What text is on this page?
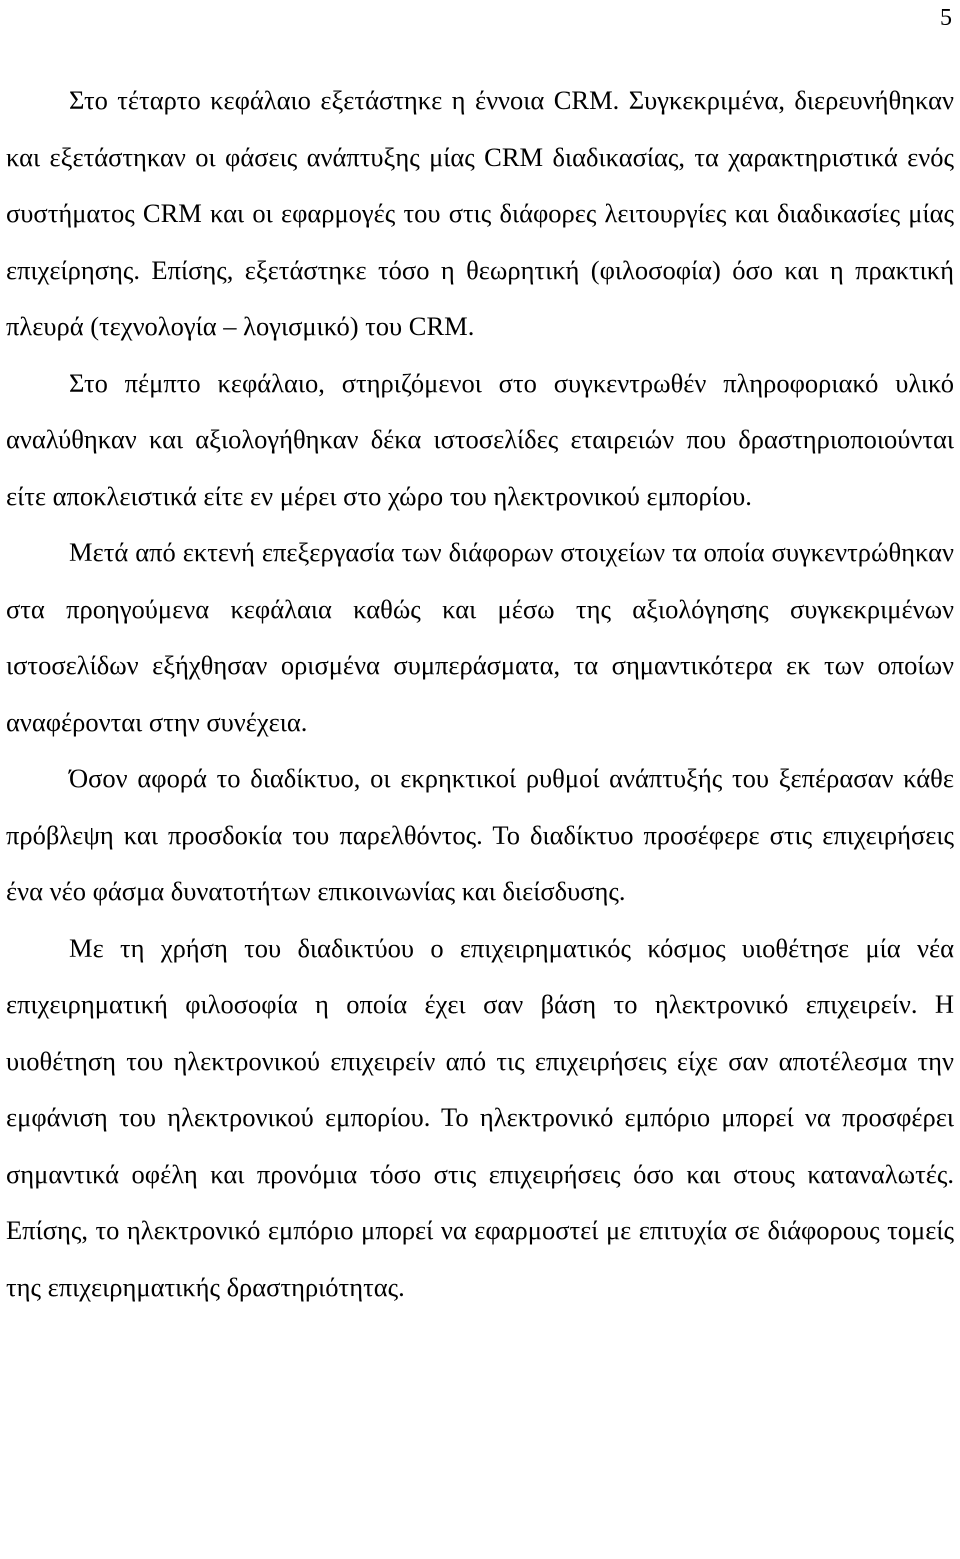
5

Στο τέταρτο κεφάλαιο εξετάστηκε η έννοια CRM. Συγκεκριμένα, διερευνήθηκαν και εξετάστηκαν οι φάσεις ανάπτυξης μίας CRM διαδικασίας, τα χαρακτηριστικά ενός συστήματος CRM και οι εφαρμογές του στις διάφορες λειτουργίες και διαδικασίες μίας επιχείρησης. Επίσης, εξετάστηκε τόσο η θεωρητική (φιλοσοφία) όσο και η πρακτική πλευρά (τεχνολογία – λογισμικό) του CRM.

Στο πέμπτο κεφάλαιο, στηριζόμενοι στο συγκεντρωθέν πληροφοριακό υλικό αναλύθηκαν και αξιολογήθηκαν δέκα ιστοσελίδες εταιρειών που δραστηριοποιούνται είτε αποκλειστικά είτε εν μέρει στο χώρο του ηλεκτρονικού εμπορίου.

Μετά από εκτενή επεξεργασία των διάφορων στοιχείων τα οποία συγκεντρώθηκαν στα προηγούμενα κεφάλαια καθώς και μέσω της αξιολόγησης συγκεκριμένων ιστοσελίδων εξήχθησαν ορισμένα συμπεράσματα, τα σημαντικότερα εκ των οποίων αναφέρονται στην συνέχεια.

Όσον αφορά το διαδίκτυο, οι εκρηκτικοί ρυθμοί ανάπτυξής του ξεπέρασαν κάθε πρόβλεψη και προσδοκία του παρελθόντος. Το διαδίκτυο προσέφερε στις επιχειρήσεις ένα νέο φάσμα δυνατοτήτων επικοινωνίας και διείσδυσης.

Με τη χρήση του διαδικτύου ο επιχειρηματικός κόσμος υιοθέτησε μία νέα επιχειρηματική φιλοσοφία η οποία έχει σαν βάση το ηλεκτρονικό επιχειρείν. Η υιοθέτηση του ηλεκτρονικού επιχειρείν από τις επιχειρήσεις είχε σαν αποτέλεσμα την εμφάνιση του ηλεκτρονικού εμπορίου. Το ηλεκτρονικό εμπόριο μπορεί να προσφέρει σημαντικά οφέλη και προνόμια τόσο στις επιχειρήσεις όσο και στους καταναλωτές. Επίσης, το ηλεκτρονικό εμπόριο μπορεί να εφαρμοστεί με επιτυχία σε διάφορους τομείς της επιχειρηματικής δραστηριότητας.
